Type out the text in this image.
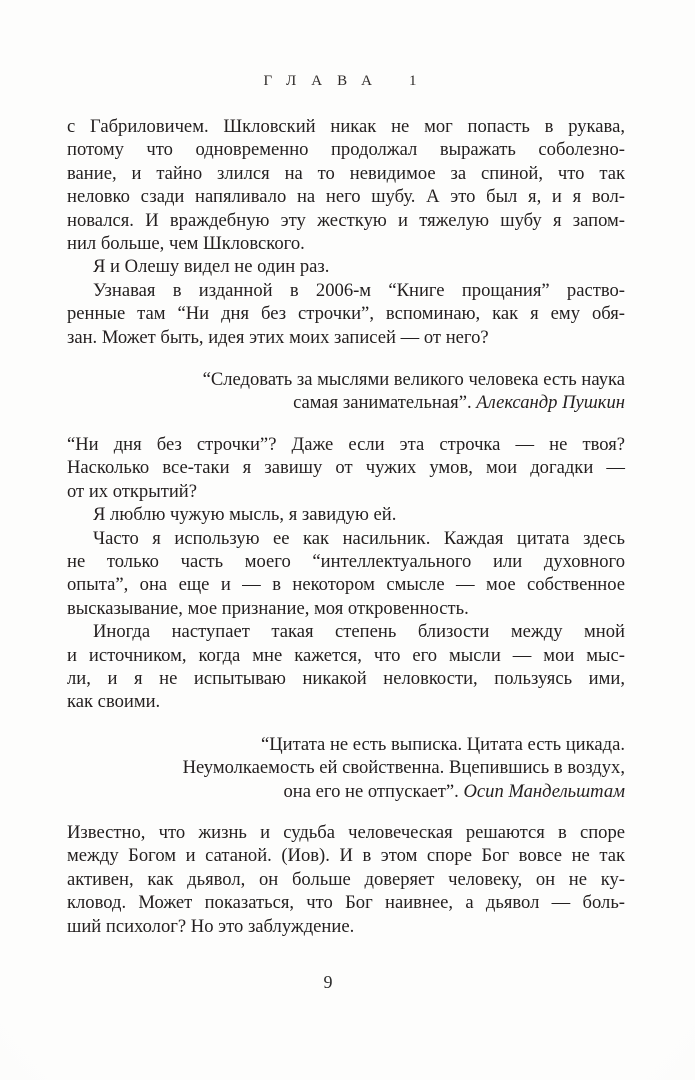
ГЛАВА 1
с Габриловичем. Шкловский никак не мог попасть в рукава,
потому что одновременно продолжал выражать соболезно-
вание, и тайно злился на то невидимое за спиной, что так
неловко сзади напяливало на него шубу. А это был я, и я вол-
новался. И враждебную эту жесткую и тяжелую шубу я запом-
нил больше, чем Шкловского.
Я и Олешу видел не один раз.
Узнавая в изданной в 2006-м “Книге прощания” раство-
ренные там “Ни дня без строчки”, вспоминаю, как я ему обя-
зан. Может быть, идея этих моих записей — от него?
“Следовать за мыслями великого человека есть наука
самая занимательная”. Александр Пушкин
“Ни дня без строчки”? Даже если эта строчка — не твоя?
Насколько все-таки я завишу от чужих умов, мои догадки —
от их открытий?
Я люблю чужую мысль, я завидую ей.
Часто я использую ее как насильник. Каждая цитата здесь
не только часть моего “интеллектуального или духовного
опыта”, она еще и — в некотором смысле — мое собственное
высказывание, мое признание, моя откровенность.
Иногда наступает такая степень близости между мной
и источником, когда мне кажется, что его мысли — мои мыс-
ли, и я не испытываю никакой неловкости, пользуясь ими,
как своими.
“Цитата не есть выписка. Цитата есть цикада.
Неумолкаемость ей свойственна. Вцепившись в воздух,
она его не отпускает”. Осип Мандельштам
Известно, что жизнь и судьба человеческая решаются в споре
между Богом и сатаной. (Иов). И в этом споре Бог вовсе не так
активен, как дьявол, он больше доверяет человеку, он не ку-
кловод. Может показаться, что Бог наивнее, а дьявол — боль-
ший психолог? Но это заблуждение.
9
